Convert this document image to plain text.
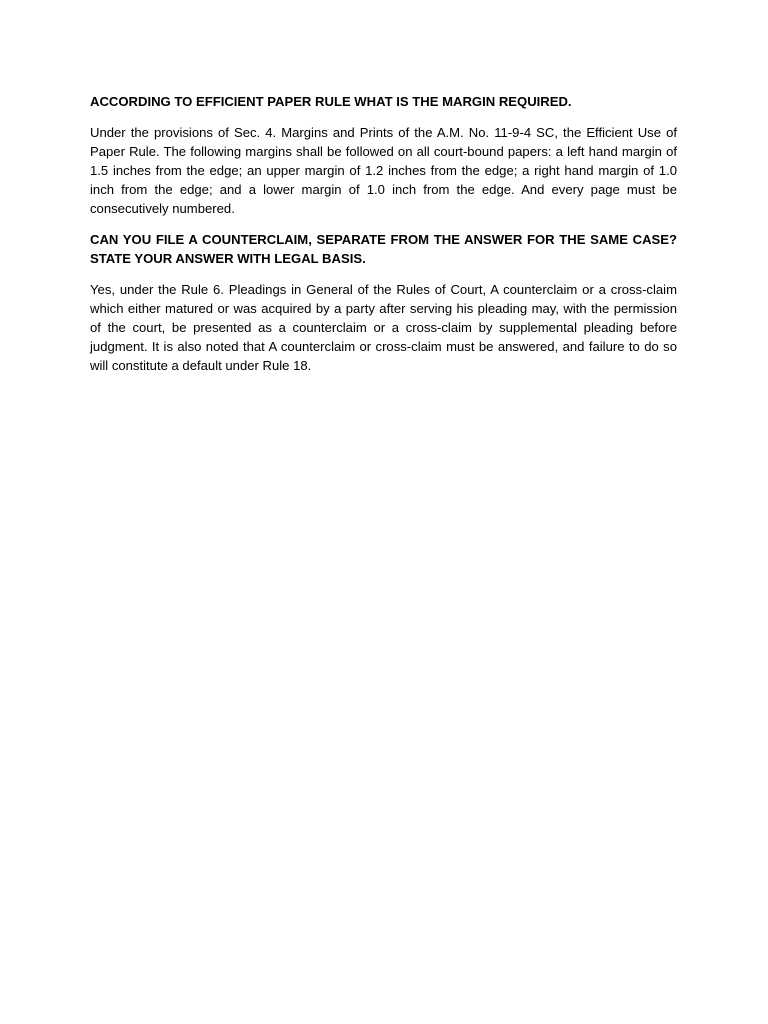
ACCORDING TO EFFICIENT PAPER RULE WHAT IS THE MARGIN REQUIRED.
Under the provisions of Sec. 4. Margins and Prints of the A.M. No. 11-9-4 SC, the Efficient Use of Paper Rule. The following margins shall be followed on all court-bound papers: a left hand margin of 1.5 inches from the edge; an upper margin of 1.2 inches from the edge; a right hand margin of 1.0 inch from the edge; and a lower margin of 1.0 inch from the edge. And every page must be consecutively numbered.
CAN YOU FILE A COUNTERCLAIM, SEPARATE FROM THE ANSWER FOR THE SAME CASE? STATE YOUR ANSWER WITH LEGAL BASIS.
Yes, under the Rule 6. Pleadings in General of the Rules of Court, A counterclaim or a cross-claim which either matured or was acquired by a party after serving his pleading may, with the permission of the court, be presented as a counterclaim or a cross-claim by supplemental pleading before judgment. It is also noted that A counterclaim or cross-claim must be answered, and failure to do so will constitute a default under Rule 18.
